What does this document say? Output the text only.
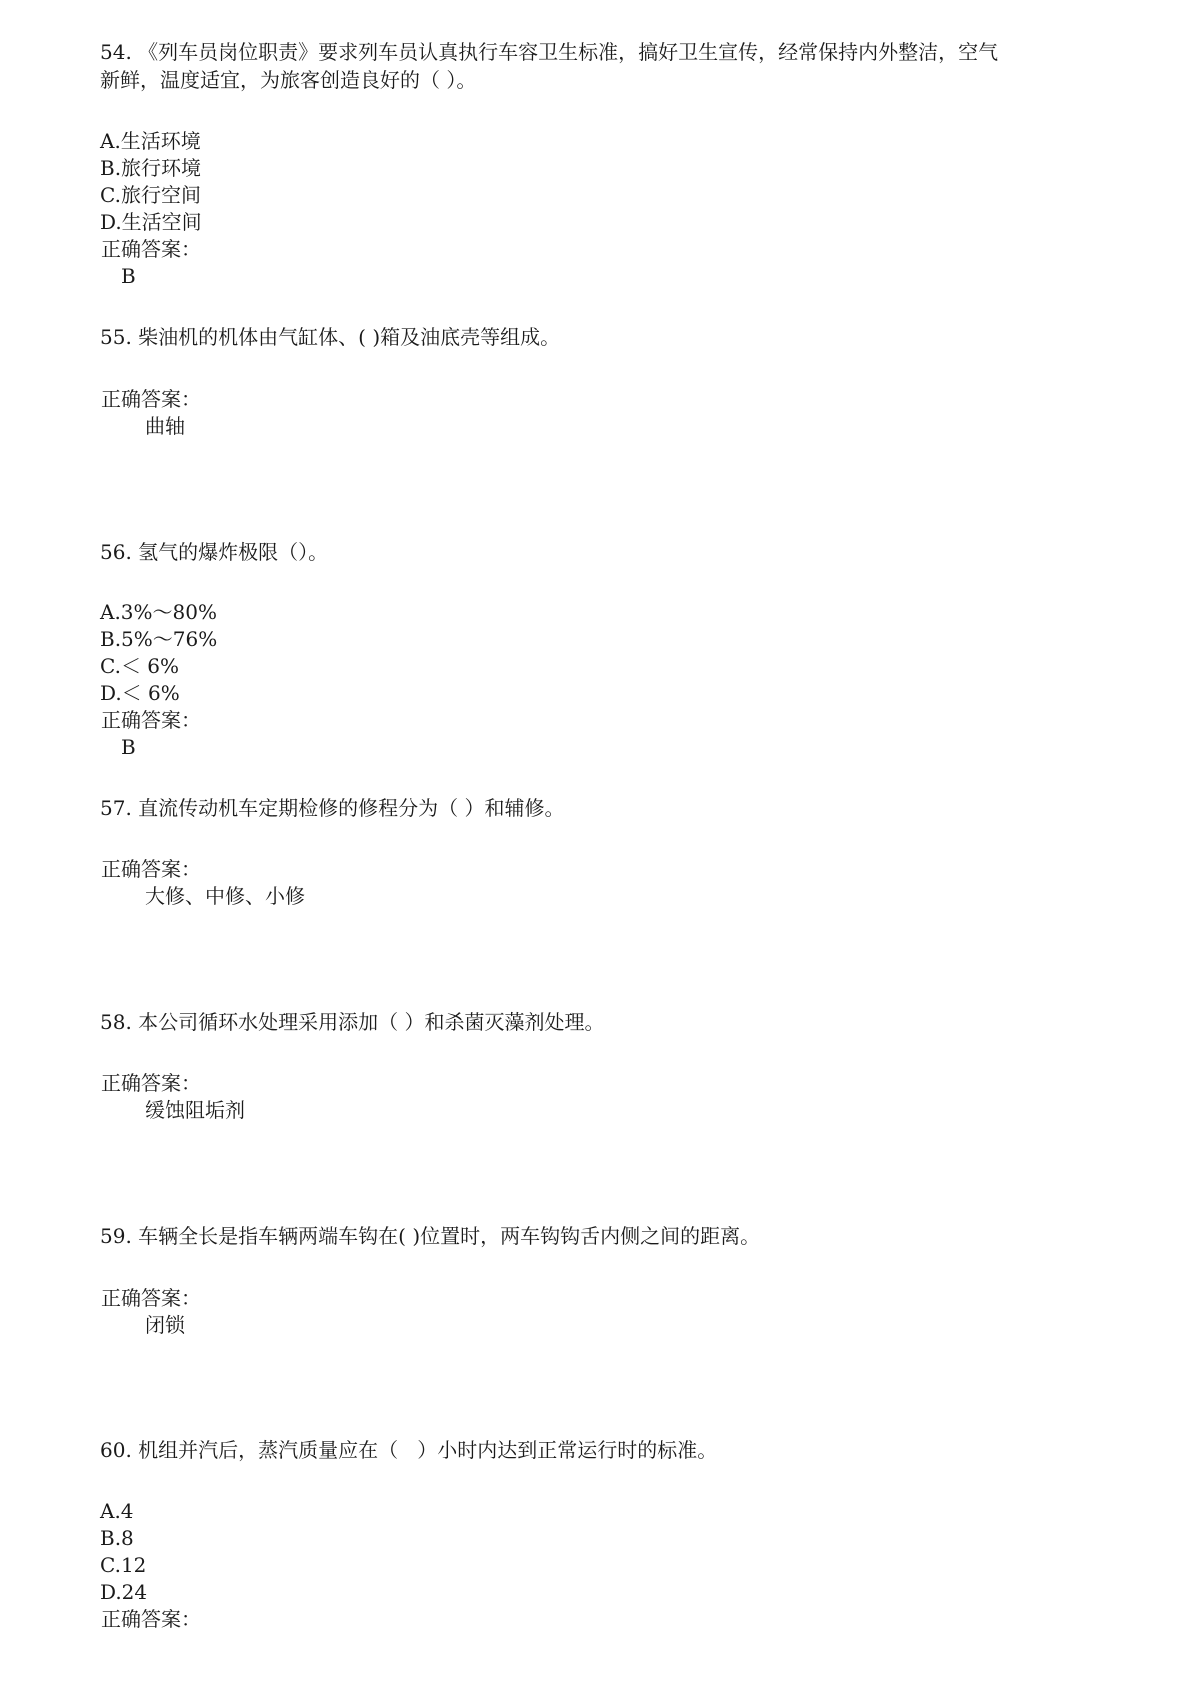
54. 《列车员岗位职责》要求列车员认真执行车容卫生标准，搞好卫生宣传，经常保持内外整洁，空气
新鲜，温度适宜，为旅客创造良好的（ ）。
A.生活环境
B.旅行环境
C.旅行空间
D.生活空间
正确答案：
B
55. 柴油机的机体由气缸体、( )箱及油底壳等组成。
正确答案：
曲轴
56. 氢气的爆炸极限（）。
A.3%～80%
B.5%～76%
C.＜ 6%
D.＜ 6%
正确答案：
B
57. 直流传动机车定期检修的修程分为（ ）和辅修。
正确答案：
大修、中修、小修
58. 本公司循环水处理采用添加（ ）和杀菌灭藻剂处理。
正确答案：
缓蚀阻垢剂
59. 车辆全长是指车辆两端车钩在( )位置时，两车钩钩舌内侧之间的距离。
正确答案：
闭锁
60. 机组并汽后，蒸汽质量应在（   ）小时内达到正常运行时的标准。
A.4
B.8
C.12
D.24
正确答案：
